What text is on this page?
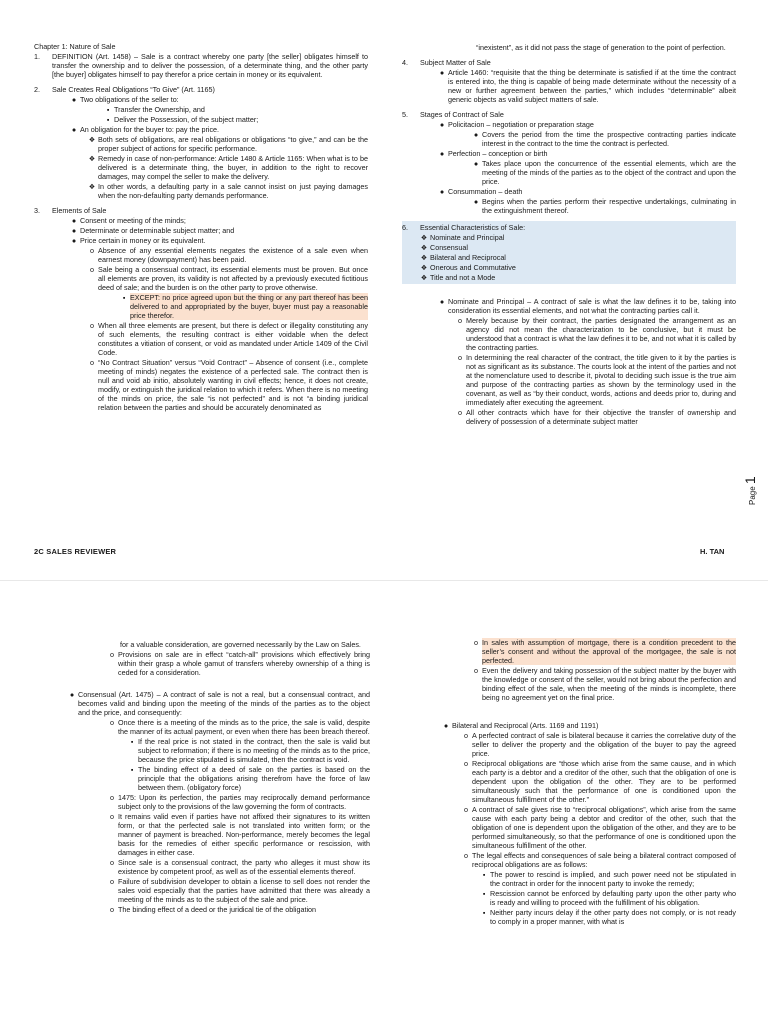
Chapter 1: Nature of Sale
1.	DEFINITION (Art. 1458) – Sale is a contract whereby one party [the seller] obligates himself to transfer the ownership and to deliver the possession, of a determinate thing, and the other party [the buyer] obligates himself to pay therefor a price certain in money or its equivalent.
2.	Sale Creates Real Obligations “To Give” (Art. 1165)
● Two obligations of the seller to:
▪ Transfer the Ownership, and
▪ Deliver the Possession, of the subject matter;
● An obligation for the buyer to: pay the price.
❖ Both sets of obligations, are real obligations or obligations “to give,” and can be the proper subject of actions for specific performance.
❖ Remedy in case of non-performance: Article 1480 & Article 1165: When what is to be delivered is a determinate thing, the buyer, in addition to the right to recover damages, may compel the seller to make the delivery.
❖ In other words, a defaulting party in a sale cannot insist on just paying damages when the non-defaulting party demands performance.
3.	Elements of Sale
● Consent or meeting of the minds;
● Determinate or determinable subject matter; and
● Price certain in money or its equivalent.
o Absence of any essential elements negates the existence of a sale even when earnest money (downpayment) has been paid.
o Sale being a consensual contract, its essential elements must be proven. But once all elements are proven, its validity is not affected by a previously executed fictitious deed of sale; and the burden is on the other party to prove otherwise.
▪ EXCEPT: no price agreed upon but the thing or any part thereof has been delivered to and appropriated by the buyer, buyer must pay a reasonable price therefor.
o When all three elements are present, but there is defect or illegality constituting any of such elements, the resulting contract is either voidable when the defect constitutes a vitiation of consent, or void as mandated under Article 1409 of the Civil Code.
o “No Contract Situation” versus “Void Contract” – Absence of consent (i.e., complete meeting of minds) negates the existence of a perfected sale. The contract then is null and void ab initio, absolutely wanting in civil effects; hence, it does not create, modify, or extinguish the juridical relation to which it refers. When there is no meeting of the minds on price, the sale “is not perfected” and is not “a binding juridical relation between the parties and should be accurately denominated as
“inexistent”, as it did not pass the stage of generation to the point of perfection.
4.	Subject Matter of Sale
● Article 1460: “requisite that the thing be determinate is satisfied if at the time the contract is entered into, the thing is capable of being made determinate without the necessity of a new or further agreement between the parties,” which includes “determinable” albeit generic objects as valid subject matters of sale.
5.	Stages of Contract of Sale
● Policitacion – negotiation or preparation stage
● Covers the period from the time the prospective contracting parties indicate interest in the contract to the time the contract is perfected.
● Perfection – conception or birth
● Takes place upon the concurrence of the essential elements, which are the meeting of the minds of the parties as to the object of the contract and upon the price.
● Consummation – death
● Begins when the parties perform their respective undertakings, culminating in the extinguishment thereof.
6.	Essential Characteristics of Sale:
❖ Nominate and Principal
❖ Consensual
❖ Bilateral and Reciprocal
❖ Onerous and Commutative
❖ Title and not a Mode
● Nominate and Principal – A contract of sale is what the law defines it to be, taking into consideration its essential elements, and not what the contracting parties call it.
o Merely because by their contract, the parties designated the arrangement as an agency did not mean the characterization to be conclusive, but it must be understood that a contract is what the law defines it to be, and not what it is called by the contracting parties.
o In determining the real character of the contract, the title given to it by the parties is not as significant as its substance. The courts look at the intent of the parties and not at the nomenclature used to describe it, pivotal to deciding such issue is the true aim and purpose of the contracting parties as shown by the terminology used in the covenant, as well as “by their conduct, words, actions and deeds prior to, during and immediately after executing the agreement.
o All other contracts which have for their objective the transfer of ownership and delivery of possession of a determinate subject matter
2C SALES REVIEWER	H. TAN
Page 1
for a valuable consideration, are governed necessarily by the Law on Sales.
o Provisions on sale are in effect “catch-all” provisions which effectively bring within their grasp a whole gamut of transfers whereby ownership of a thing is ceded for a consideration.
● Consensual (Art. 1475) – A contract of sale is not a real, but a consensual contract, and becomes valid and binding upon the meeting of the minds of the parties as to the object and the price, and consequently:
o Once there is a meeting of the minds as to the price, the sale is valid, despite the manner of its actual payment, or even when there has been breach thereof.
▪ If the real price is not stated in the contract, then the sale is valid but subject to reformation; if there is no meeting of the minds as to the price, because the price stipulated is simulated, then the contract is void.
▪ The binding effect of a deed of sale on the parties is based on the principle that the obligations arising therefrom have the force of law between them. (obligatory force)
o 1475: Upon its perfection, the parties may reciprocally demand performance subject only to the provisions of the law governing the form of contracts.
o It remains valid even if parties have not affixed their signatures to its written form, or that the perfected sale is not translated into written form; or the manner of payment is breached. Non-performance, merely becomes the legal basis for the remedies of either specific performance or rescission, with damages in either case.
o Since sale is a consensual contract, the party who alleges it must show its existence by competent proof, as well as of the essential elements thereof.
o Failure of subdivision developer to obtain a license to sell does not render the sales void especially that the parties have admitted that there was already a meeting of the minds as to the subject of the sale and price.
o The binding effect of a deed or the juridical tie of the obligation
o In sales with assumption of mortgage, there is a condition precedent to the seller’s consent and without the approval of the mortgagee, the sale is not perfected.
o Even the delivery and taking possession of the subject matter by the buyer with the knowledge or consent of the seller, would not bring about the perfection and binding effect of the sale, when the meeting of the minds is incomplete, there being no agreement yet on the final price.
● Bilateral and Reciprocal (Arts. 1169 and 1191)
o A perfected contract of sale is bilateral because it carries the correlative duty of the seller to deliver the property and the obligation of the buyer to pay the agreed price.
o Reciprocal obligations are “those which arise from the same cause, and in which each party is a debtor and a creditor of the other, such that the obligation of one is dependent upon the obligation of the other. They are to be performed simultaneously such that the performance of one is conditioned upon the simultaneous fulfillment of the other.”
o A contract of sale gives rise to “reciprocal obligations”, which arise from the same cause with each party being a debtor and creditor of the other, such that the obligation of one is dependent upon the obligation of the other, and they are to be performed simultaneously, so that the performance of one is conditioned upon the simultaneous fulfillment of the other.
o The legal effects and consequences of sale being a bilateral contract composed of reciprocal obligations are as follows:
▪ The power to rescind is implied, and such power need not be stipulated in the contract in order for the innocent party to invoke the remedy;
▪ Rescission cannot be enforced by defaulting party upon the other party who is ready and willing to proceed with the fulfillment of his obligation.
▪ Neither party incurs delay if the other party does not comply, or is not ready to comply in a proper manner, with what is
